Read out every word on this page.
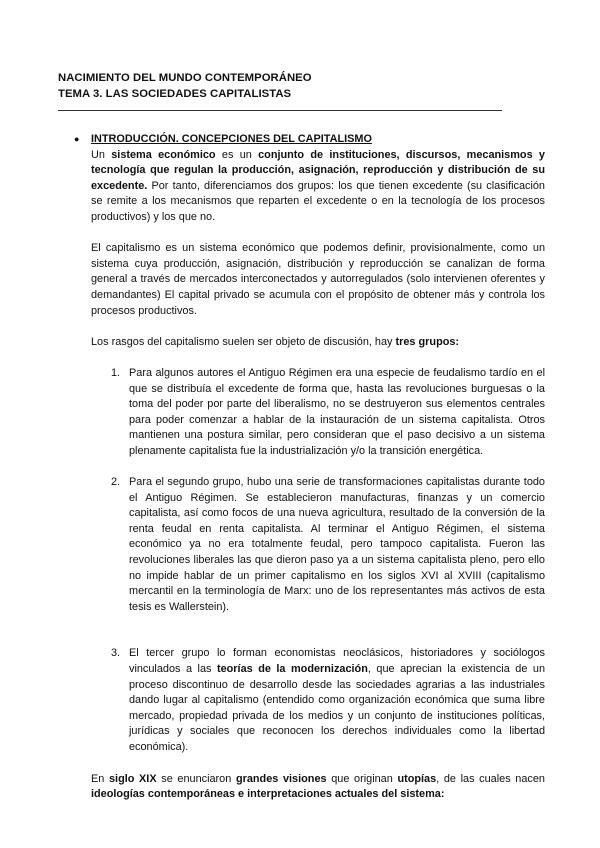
NACIMIENTO DEL MUNDO CONTEMPORÁNEO
TEMA 3. LAS SOCIEDADES CAPITALISTAS
● INTRODUCCIÓN. CONCEPCIONES DEL CAPITALISMO

Un sistema económico es un conjunto de instituciones, discursos, mecanismos y tecnología que regulan la producción, asignación, reproducción y distribución de su excedente. Por tanto, diferenciamos dos grupos: los que tienen excedente (su clasificación se remite a los mecanismos que reparten el excedente o en la tecnología de los procesos productivos) y los que no.

El capitalismo es un sistema económico que podemos definir, provisionalmente, como un sistema cuya producción, asignación, distribución y reproducción se canalizan de forma general a través de mercados interconectados y autorregulados (solo intervienen oferentes y demandantes) El capital privado se acumula con el propósito de obtener más y controla los procesos productivos.

Los rasgos del capitalismo suelen ser objeto de discusión, hay tres grupos:

1. Para algunos autores el Antiguo Régimen era una especie de feudalismo tardío en el que se distribuía el excedente de forma que, hasta las revoluciones burguesas o la toma del poder por parte del liberalismo, no se destruyeron sus elementos centrales para poder comenzar a hablar de la instauración de un sistema capitalista. Otros mantienen una postura similar, pero consideran que el paso decisivo a un sistema plenamente capitalista fue la industrialización y/o la transición energética.
2. Para el segundo grupo, hubo una serie de transformaciones capitalistas durante todo el Antiguo Régimen. Se establecieron manufacturas, finanzas y un comercio capitalista, así como focos de una nueva agricultura, resultado de la conversión de la renta feudal en renta capitalista. Al terminar el Antiguo Régimen, el sistema económico ya no era totalmente feudal, pero tampoco capitalista. Fueron las revoluciones liberales las que dieron paso ya a un sistema capitalista pleno, pero ello no impide hablar de un primer capitalismo en los siglos XVI al XVIII (capitalismo mercantil en la terminología de Marx: uno de los representantes más activos de esta tesis es Wallerstein).
3. El tercer grupo lo forman economistas neoclásicos, historiadores y sociólogos vinculados a las teorías de la modernización, que aprecian la existencia de un proceso discontinuo de desarrollo desde las sociedades agrarias a las industriales dando lugar al capitalismo (entendido como organización económica que suma libre mercado, propiedad privada de los medios y un conjunto de instituciones políticas, jurídicas y sociales que reconocen los derechos individuales como la libertad económica).

En siglo XIX se enunciaron grandes visiones que originan utopías, de las cuales nacen ideologías contemporáneas e interpretaciones actuales del sistema:
